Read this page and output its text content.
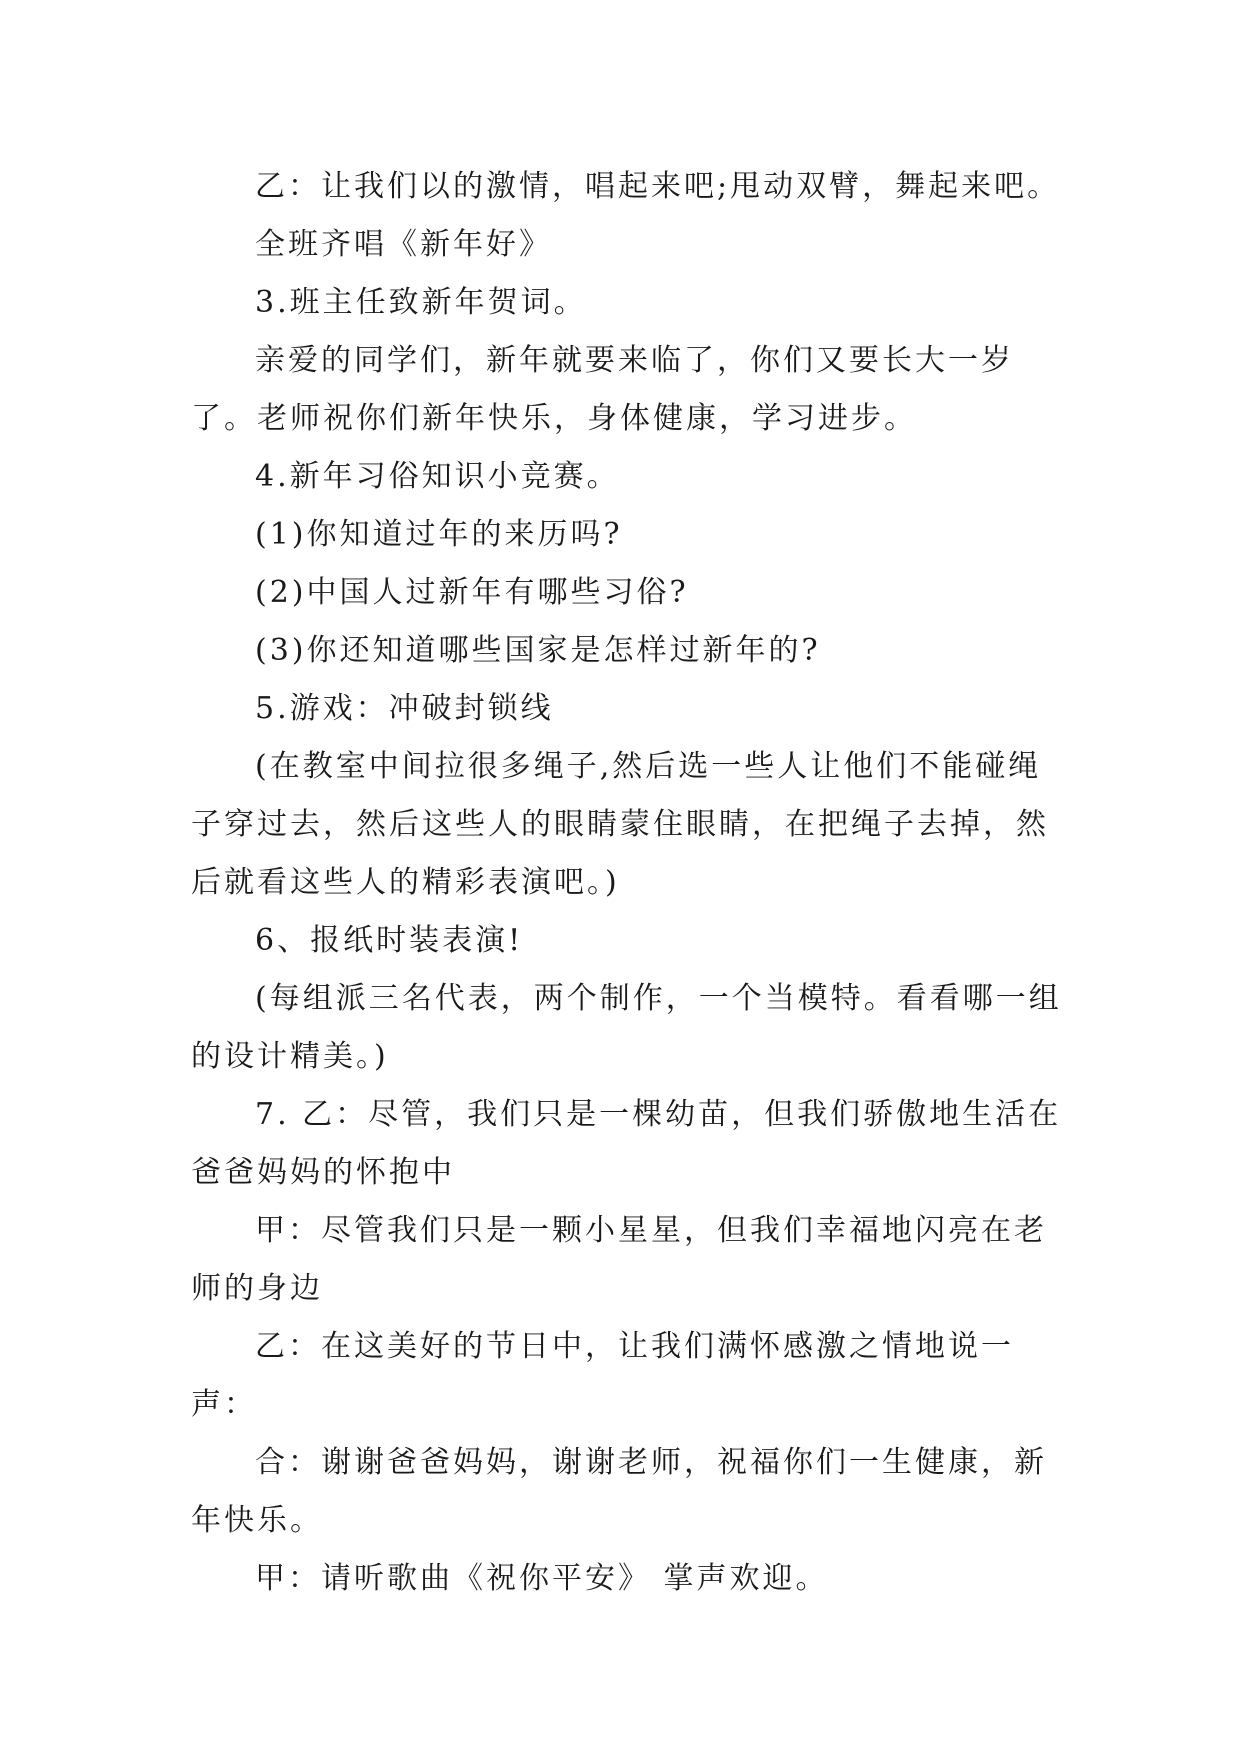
乙：让我们以的激情，唱起来吧;甩动双臂，舞起来吧。

全班齐唱《新年好》

3.班主任致新年贺词。

亲爱的同学们，新年就要来临了，你们又要长大一岁了。老师祝你们新年快乐，身体健康，学习进步。

4.新年习俗知识小竞赛。

(1)你知道过年的来历吗?

(2)中国人过新年有哪些习俗?

(3)你还知道哪些国家是怎样过新年的?

5.游戏：冲破封锁线

(在教室中间拉很多绳子,然后选一些人让他们不能碰绳子穿过去，然后这些人的眼睛蒙住眼睛，在把绳子去掉，然后就看这些人的精彩表演吧。)

6、报纸时装表演!

(每组派三名代表，两个制作，一个当模特。看看哪一组的设计精美。)

7. 乙：尽管，我们只是一棵幼苗，但我们骄傲地生活在爸爸妈妈的怀抱中

甲：尽管我们只是一颗小星星，但我们幸福地闪亮在老师的身边

乙：在这美好的节日中，让我们满怀感激之情地说一声：

合：谢谢爸爸妈妈，谢谢老师，祝福你们一生健康，新年快乐。

甲：请听歌曲《祝你平安》 掌声欢迎。
